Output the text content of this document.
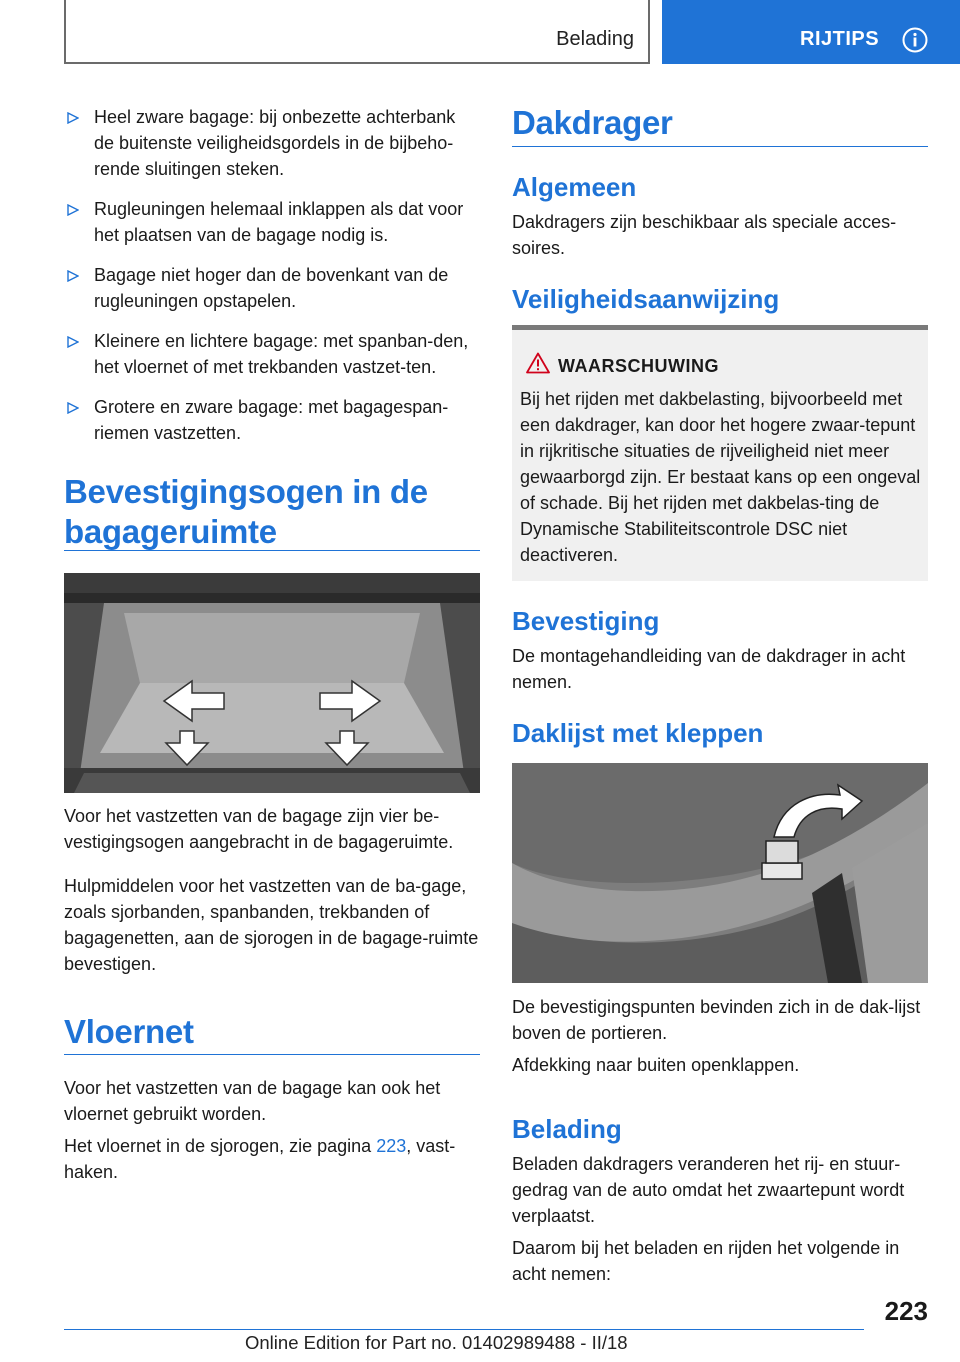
Belading	RIJTIPS
Heel zware bagage: bij onbezette achterbank de buitenste veiligheidsgordels in de bijbeho-rende sluitingen steken.
Rugleuningen helemaal inklappen als dat voor het plaatsen van de bagage nodig is.
Bagage niet hoger dan de bovenkant van de rugleuningen opstapelen.
Kleinere en lichtere bagage: met spanban-den, het vloernet of met trekbanden vastzet-ten.
Grotere en zware bagage: met bagagespan-riemen vastzetten.
Bevestigingsogen in de bagageruimte
Voor het vastzetten van de bagage zijn vier be-vestigingsogen aangebracht in de bagageruimte.
Hulpmiddelen voor het vastzetten van de ba-gage, zoals sjorbanden, spanbanden, trekbanden of bagagenetten, aan de sjorogen in de bagage-ruimte bevestigen.
Vloernet
Voor het vastzetten van de bagage kan ook het vloernet gebruikt worden.
Het vloernet in de sjorogen, zie pagina 223, vast-haken.
Dakdrager
Algemeen
Dakdragers zijn beschikbaar als speciale acces-soires.
Veiligheidsaanwijzing
WAARSCHUWING
Bij het rijden met dakbelasting, bijvoorbeeld met een dakdrager, kan door het hogere zwaar-tepunt in rijkritische situaties de rijveiligheid niet meer gewaarborgd zijn. Er bestaat kans op een ongeval of schade. Bij het rijden met dakbelas-ting de Dynamische Stabiliteitscontrole DSC niet deactiveren.
Bevestiging
De montagehandleiding van de dakdrager in acht nemen.
Daklijst met kleppen
De bevestigingspunten bevinden zich in de dak-lijst boven de portieren.
Afdekking naar buiten openklappen.
Belading
Beladen dakdragers veranderen het rij- en stuur-gedrag van de auto omdat het zwaartepunt wordt verplaatst.
Daarom bij het beladen en rijden het volgende in acht nemen:
223
Online Edition for Part no. 01402989488 - II/18
